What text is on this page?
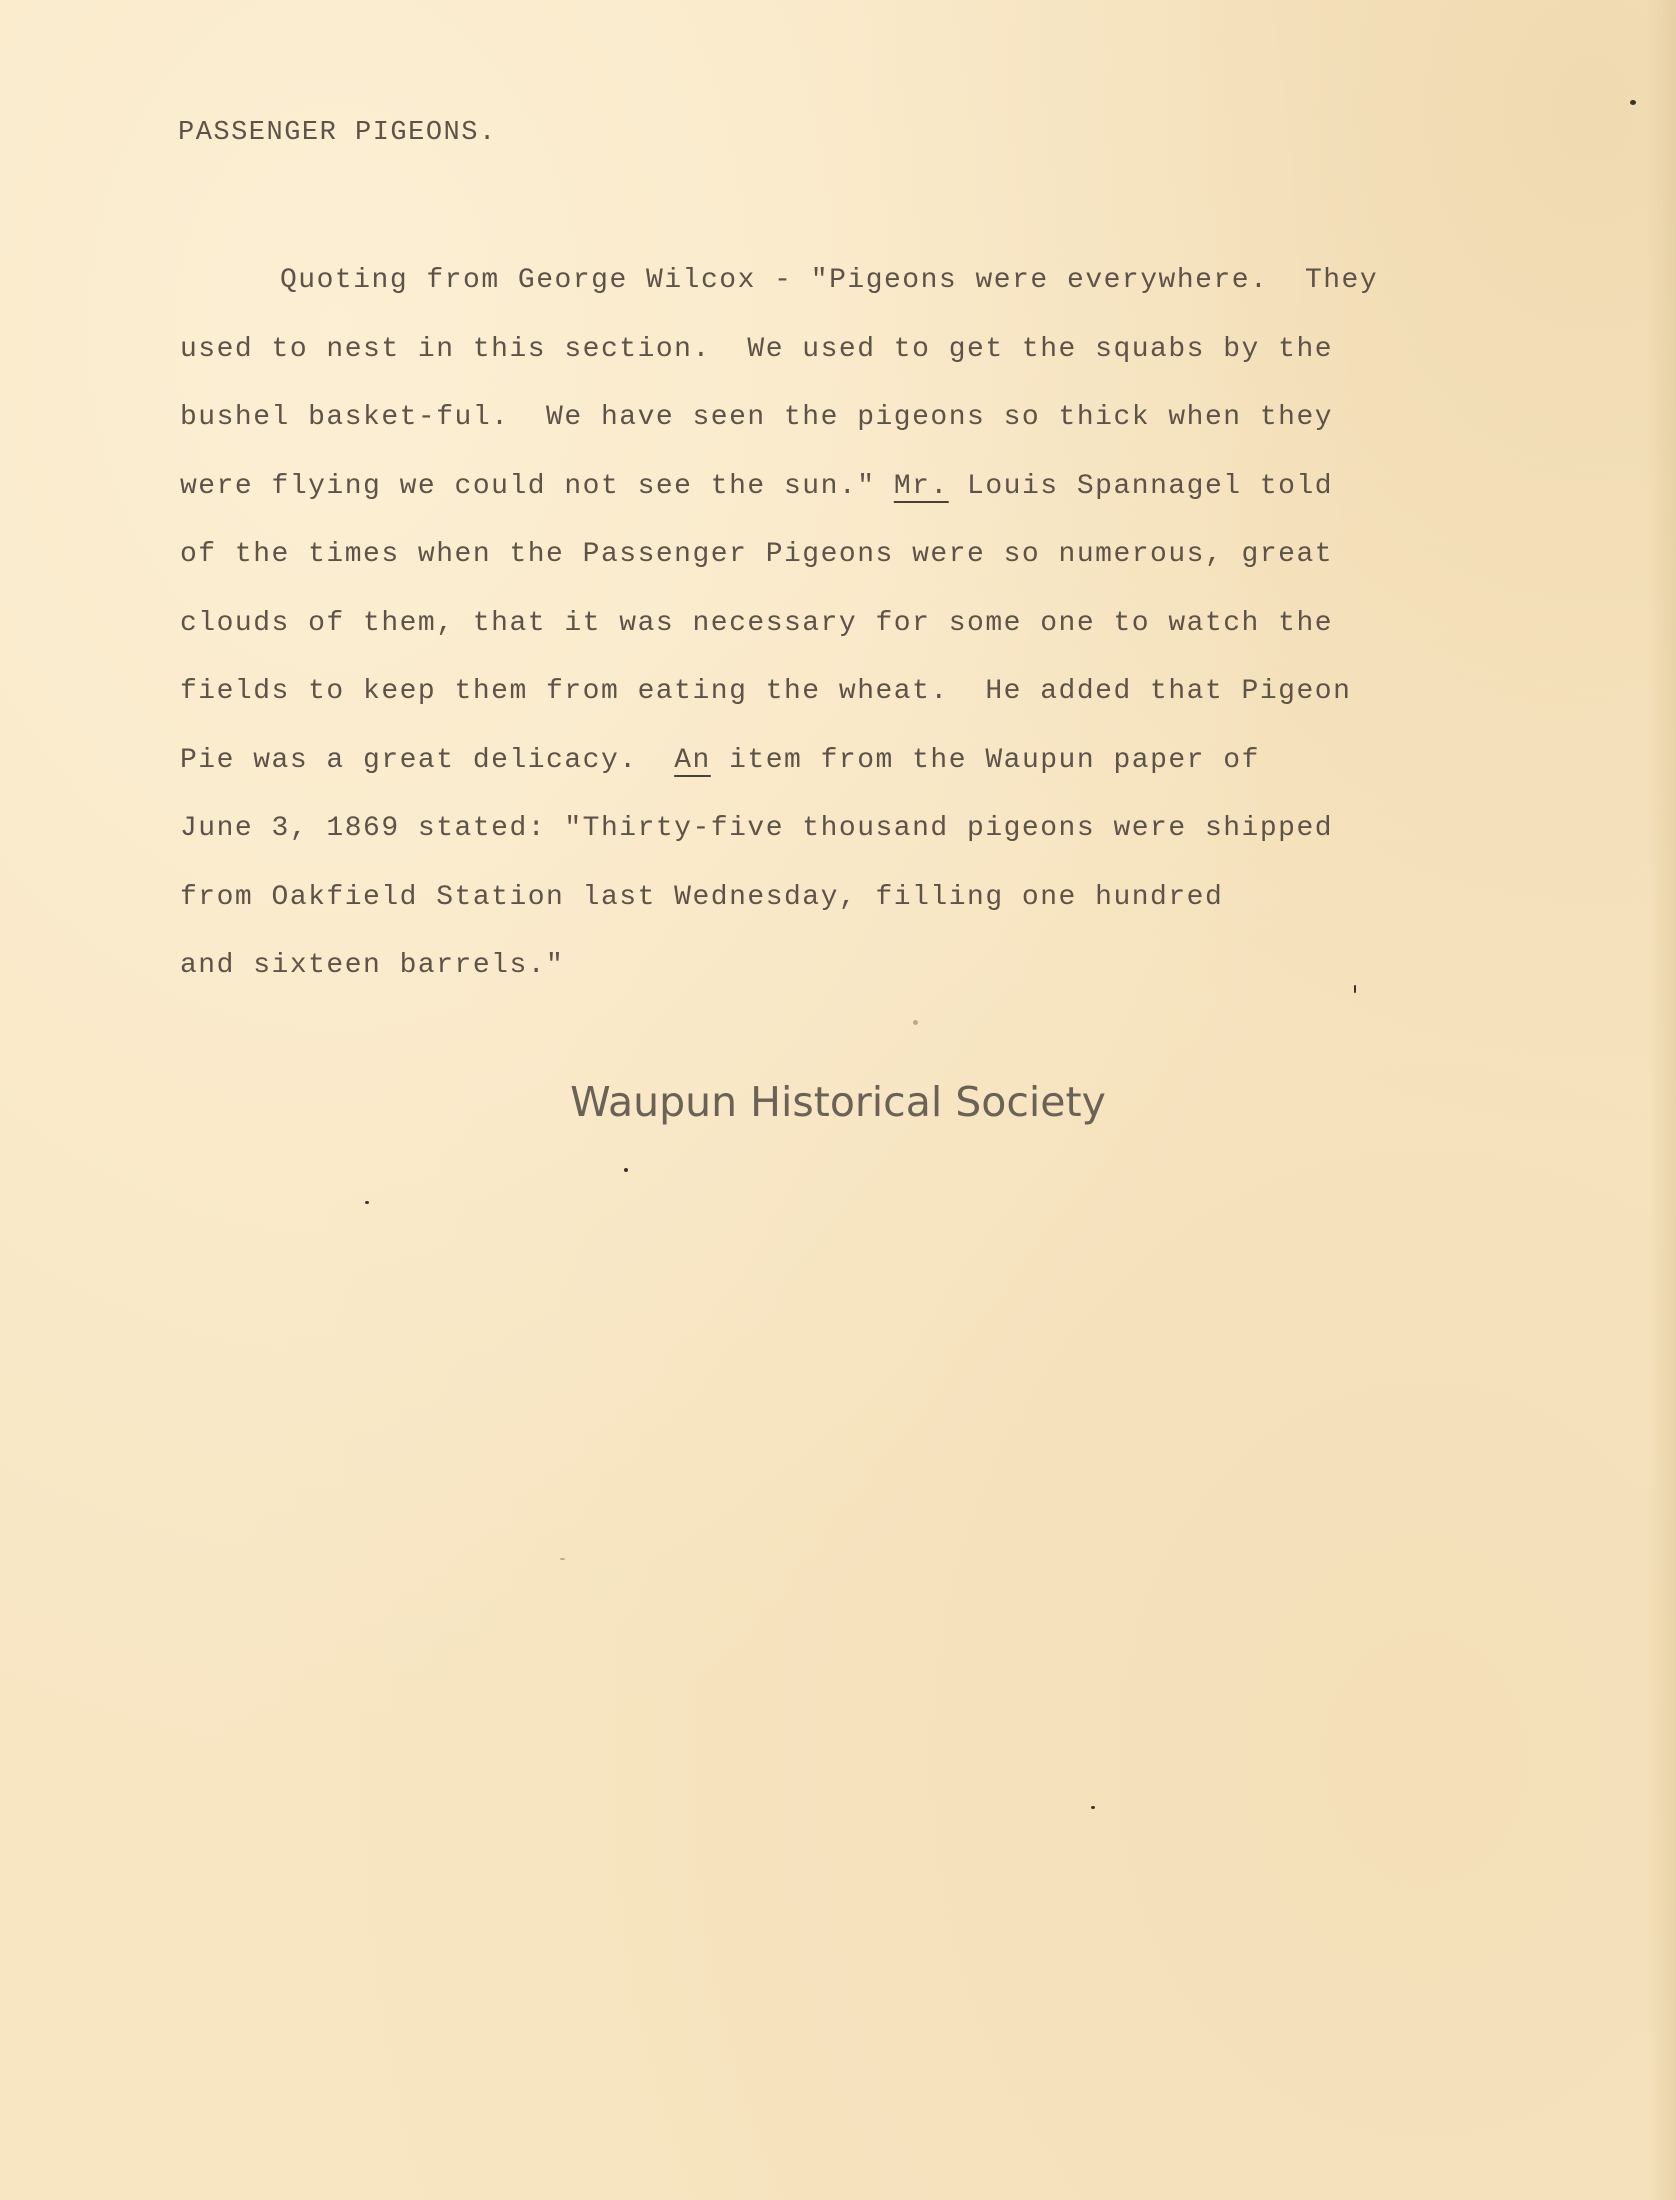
PASSENGER PIGEONS.
Quoting from George Wilcox - "Pigeons were everywhere.  They
used to nest in this section.  We used to get the squabs by the
bushel basket-ful.  We have seen the pigeons so thick when they
were flying we could not see the sun." Mr. Louis Spannagel told
of the times when the Passenger Pigeons were so numerous, great
clouds of them, that it was necessary for some one to watch the
fields to keep them from eating the wheat.  He added that Pigeon
Pie was a great delicacy.  An item from the Waupun paper of
June 3, 1869 stated: "Thirty-five thousand pigeons were shipped
from Oakfield Station last Wednesday, filling one hundred
and sixteen barrels."
Waupun Historical Society
